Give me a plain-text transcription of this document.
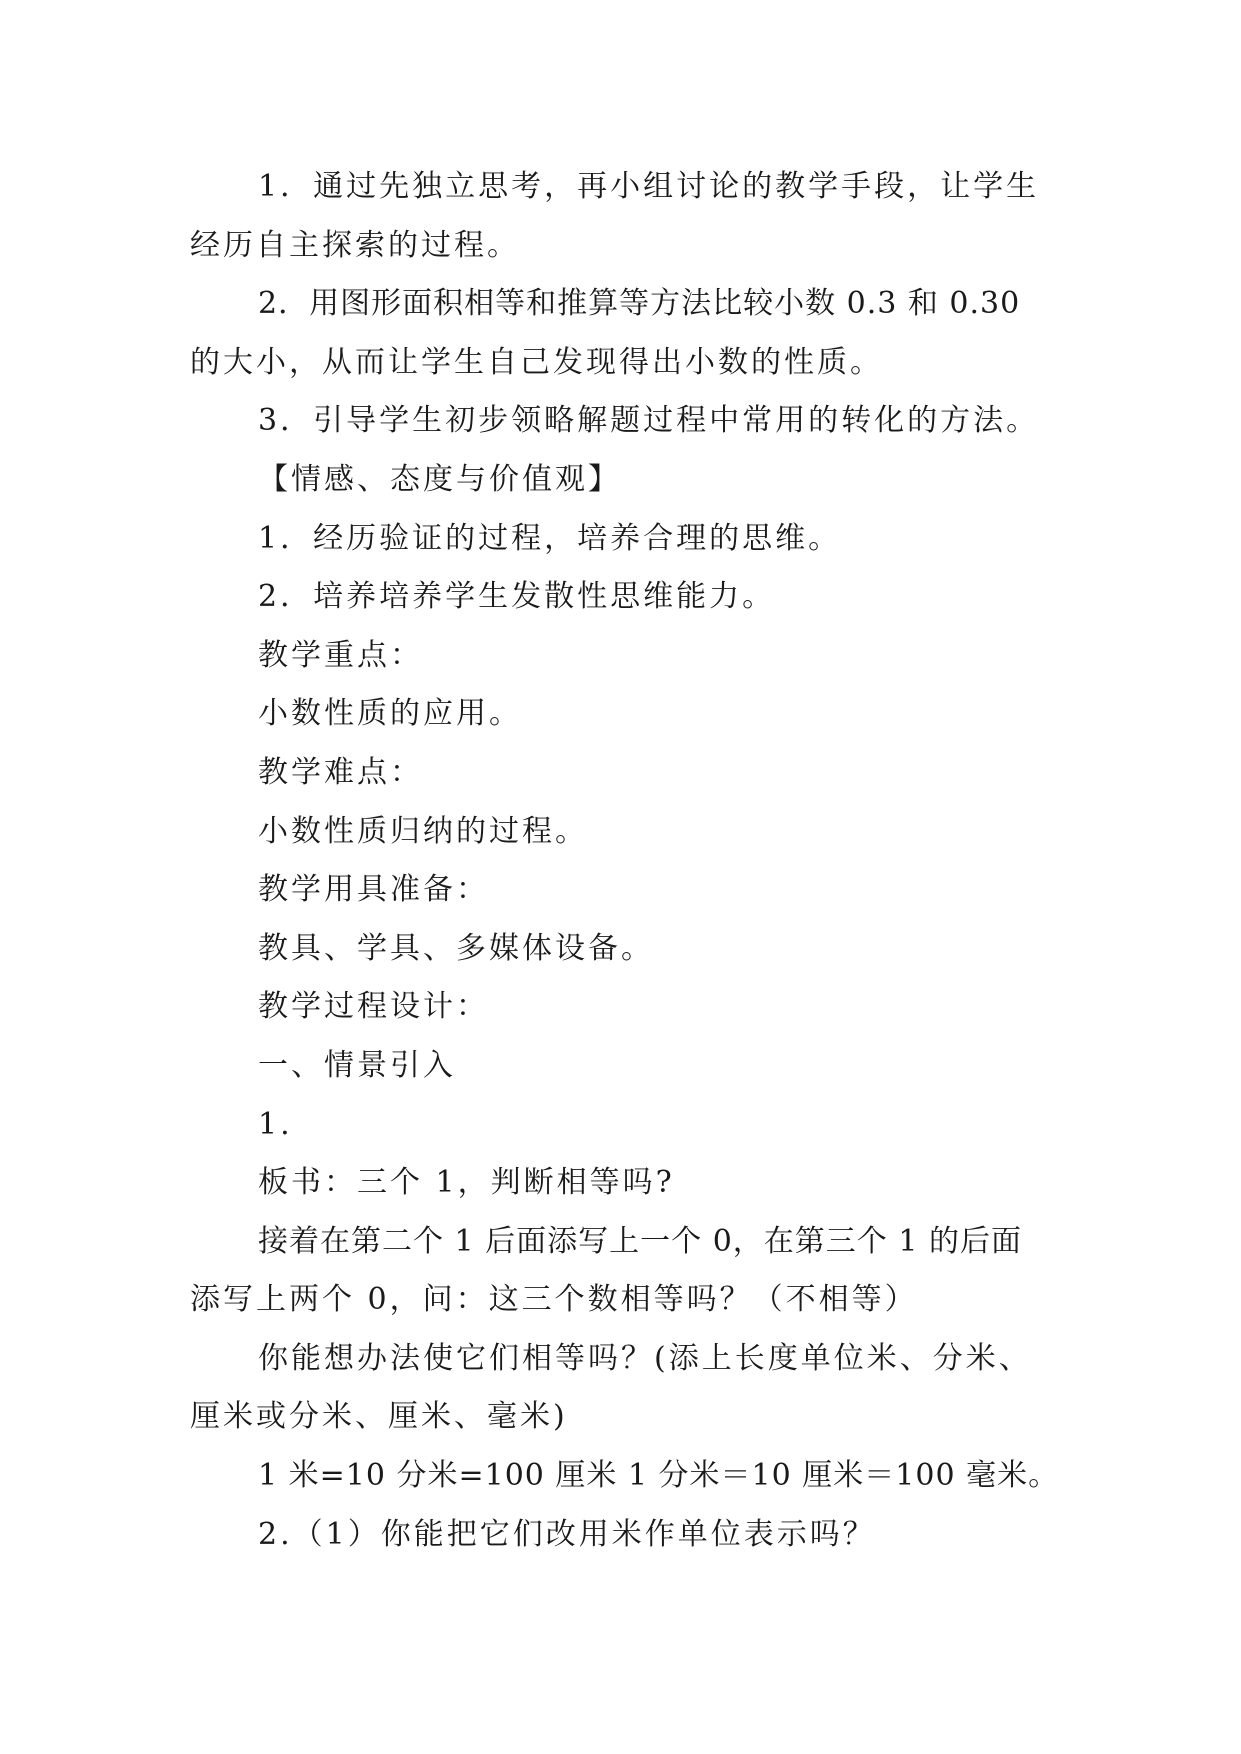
1．通过先独立思考，再小组讨论的教学手段，让学生
经历自主探索的过程。
2．用图形面积相等和推算等方法比较小数 0.3 和 0.30
的大小，从而让学生自己发现得出小数的性质。
3．引导学生初步领略解题过程中常用的转化的方法。
【情感、态度与价值观】
1．经历验证的过程，培养合理的思维。
2．培养培养学生发散性思维能力。
教学重点：
小数性质的应用。
教学难点：
小数性质归纳的过程。
教学用具准备：
教具、学具、多媒体设备。
教学过程设计：
一、情景引入
1.
板书：三个 1，判断相等吗?
接着在第二个 1 后面添写上一个 0，在第三个 1 的后面
添写上两个 0，问：这三个数相等吗？（不相等）
你能想办法使它们相等吗？(添上长度单位米、分米、
厘米或分米、厘米、毫米)
1 米=10 分米=100 厘米 1 分米＝10 厘米＝100 毫米。
2.（1）你能把它们改用米作单位表示吗？
